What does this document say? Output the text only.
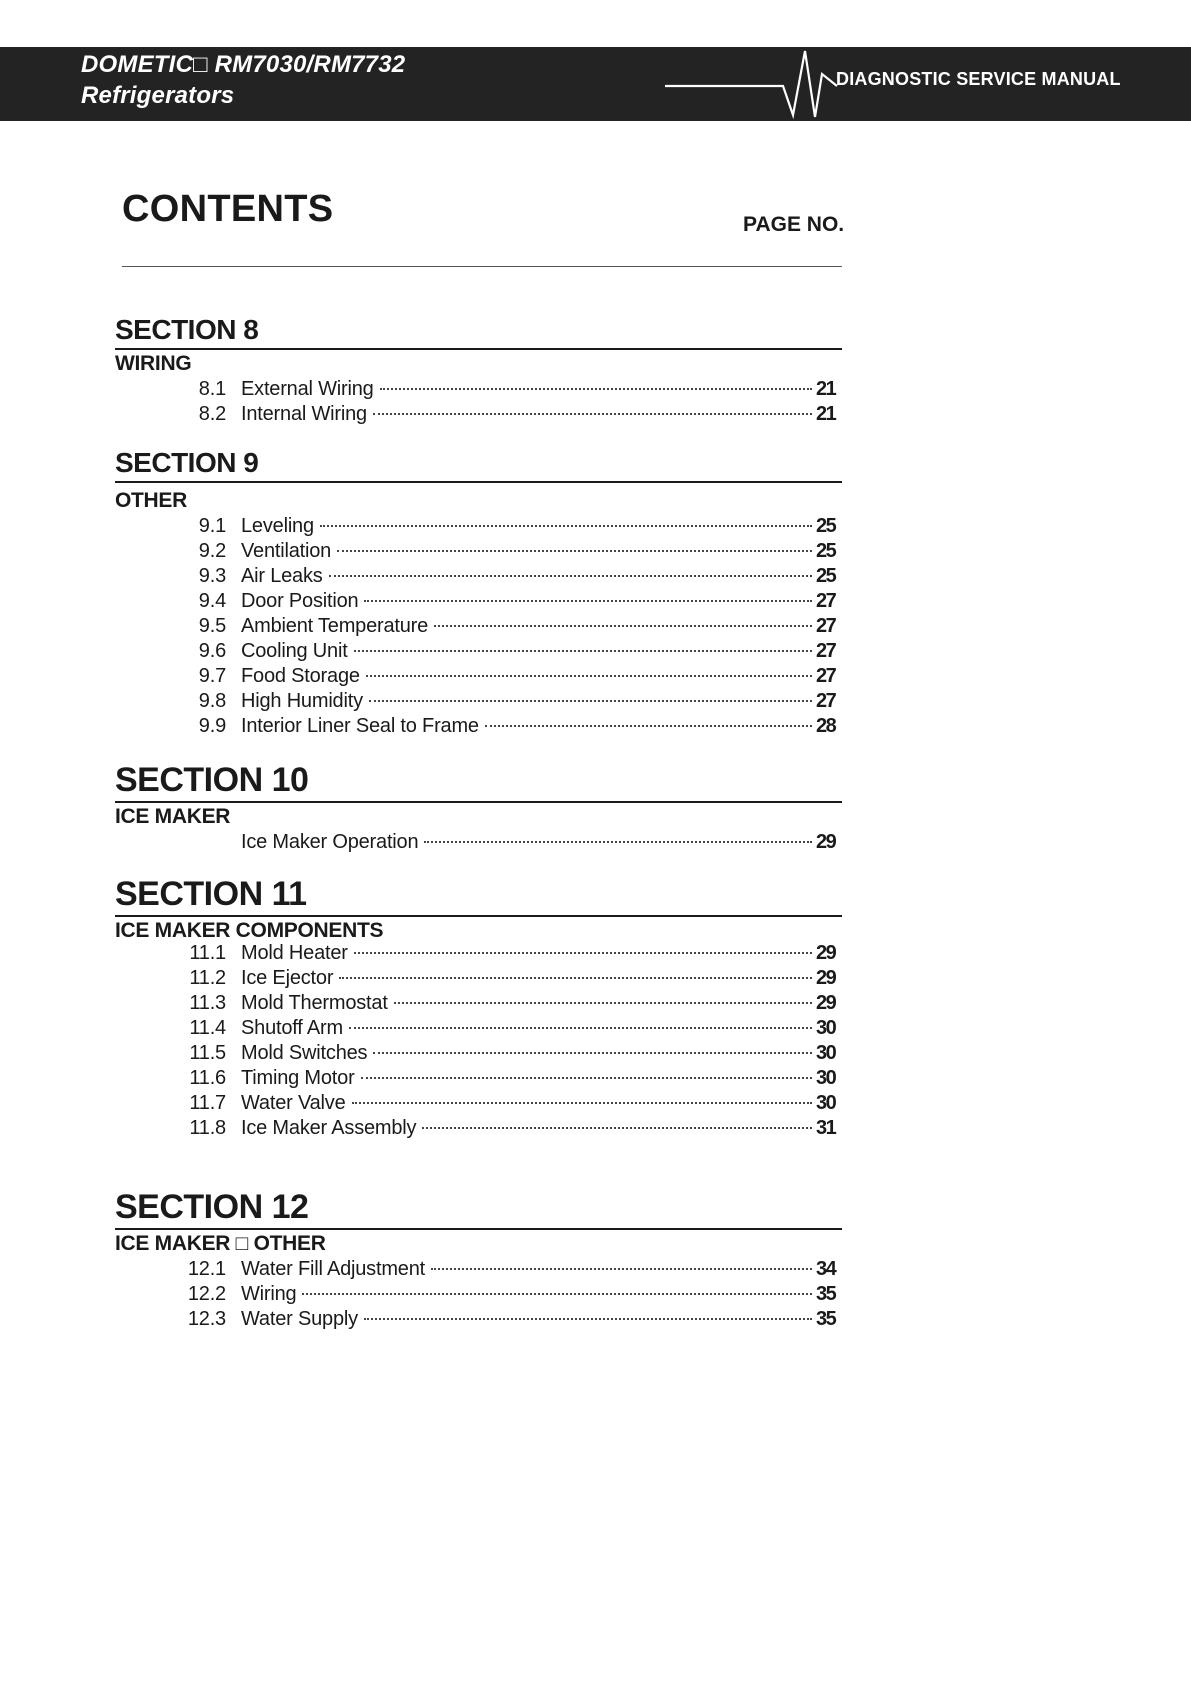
DOMETIC□ RM7030/RM7732
Refrigerators
DIAGNOSTIC SERVICE MANUAL
CONTENTS	PAGE NO.
SECTION 8
WIRING
8.1 External Wiring	21
8.2 Internal Wiring	21
SECTION 9
OTHER
9.1 Leveling	25
9.2 Ventilation	25
9.3 Air Leaks	25
9.4 Door Position	27
9.5 Ambient Temperature	27
9.6 Cooling Unit	27
9.7 Food Storage	27
9.8 High Humidity	27
9.9 Interior Liner Seal to Frame	28
SECTION 10
ICE MAKER
Ice Maker Operation	29
SECTION 11
ICE MAKER COMPONENTS
11.1 Mold Heater	29
11.2 Ice Ejector	29
11.3 Mold Thermostat	29
11.4 Shutoff Arm	30
11.5 Mold Switches	30
11.6 Timing Motor	30
11.7 Water Valve	30
11.8 Ice Maker Assembly	31
SECTION 12
ICE MAKER □ OTHER
12.1 Water Fill Adjustment	34
12.2 Wiring	35
12.3 Water Supply	35
